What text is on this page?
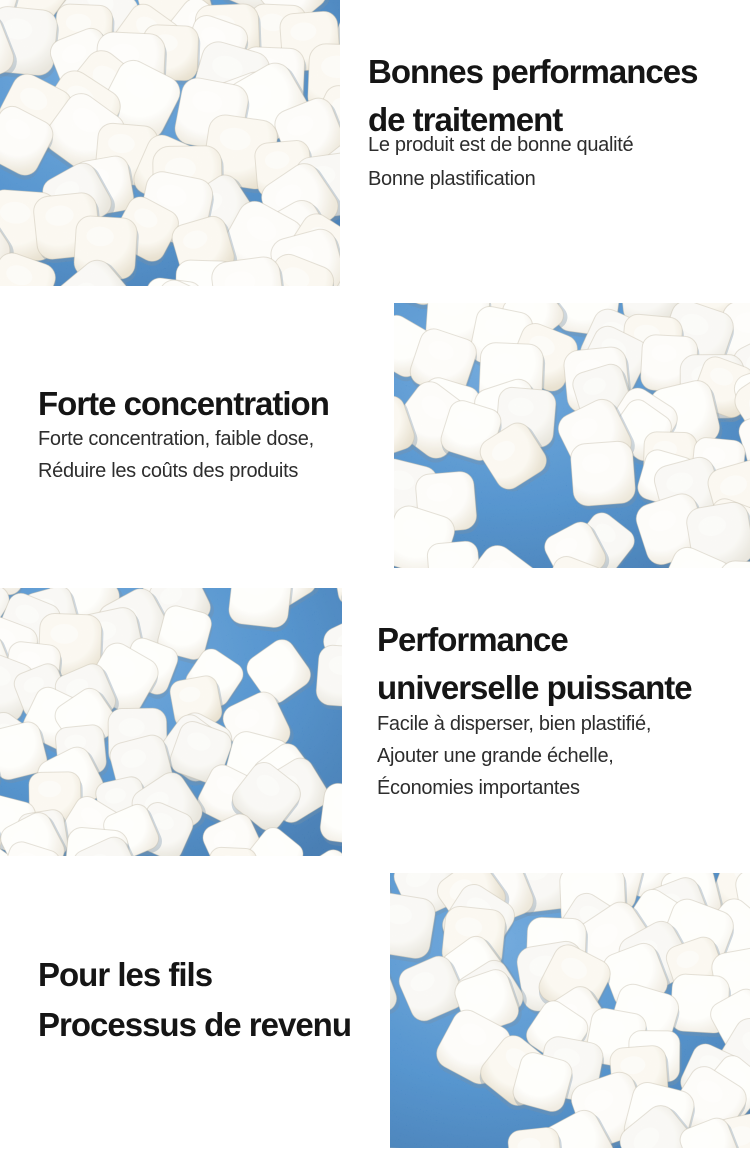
Bonnes performances
de traitement
Le produit est de bonne qualité
Bonne plastification
Forte concentration
Forte concentration, faible dose,
Réduire les coûts des produits
Performance
universelle puissante
Facile à disperser, bien plastifié,
Ajouter une grande échelle,
Économies importantes
Pour les fils
Processus de revenu
